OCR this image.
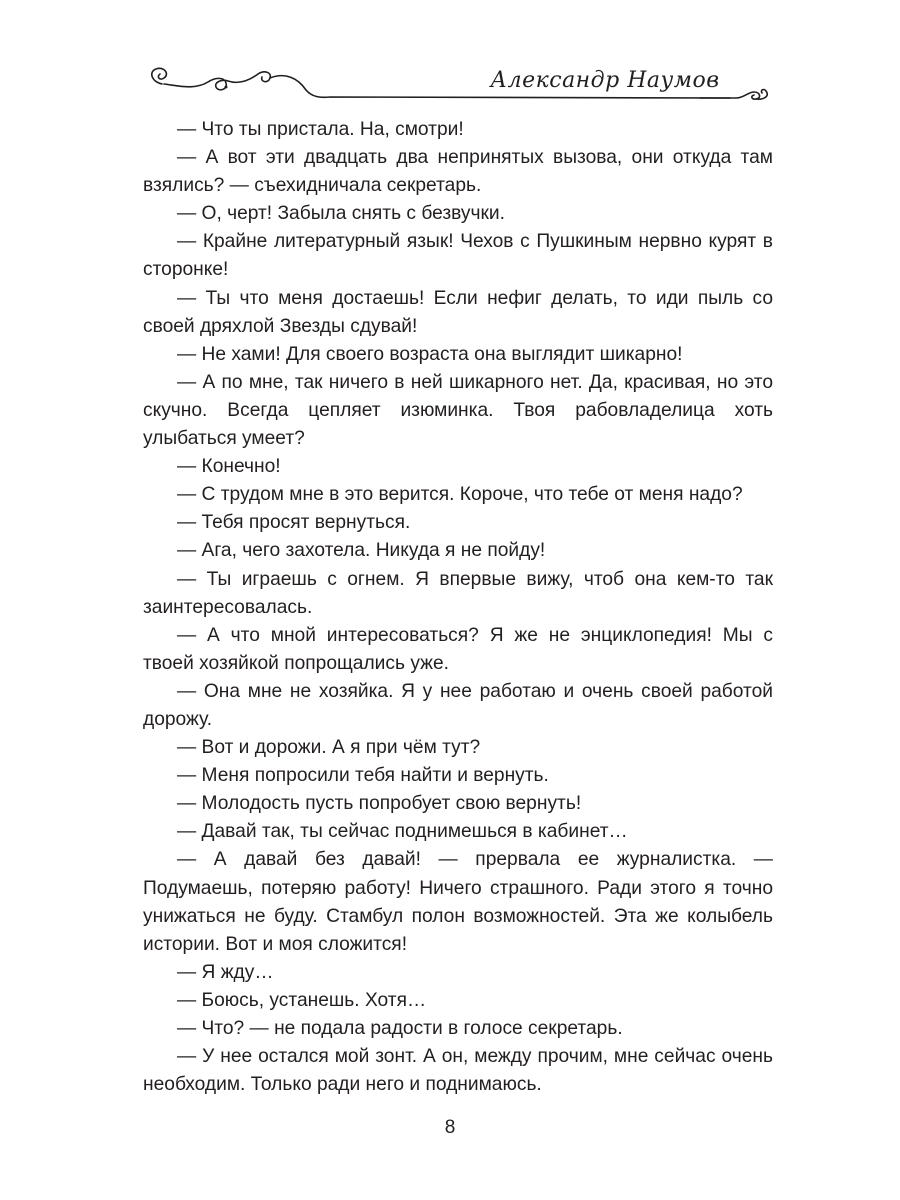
Александр Наумов

— Что ты пристала. На, смотри!

— А вот эти двадцать два непринятых вызова, они откуда там взялись? — съехидничала секретарь.

— О, черт! Забыла снять с безвучки.

— Крайне литературный язык! Чехов с Пушкиным нервно курят в сторонке!

— Ты что меня достаешь! Если нефиг делать, то иди пыль со своей дряхлой Звезды сдувай!

— Не хами! Для своего возраста она выглядит шикарно!

— А по мне, так ничего в ней шикарного нет. Да, красивая, но это скучно. Всегда цепляет изюминка. Твоя рабовладелица хоть улыбаться умеет?

— Конечно!

— С трудом мне в это верится. Короче, что тебе от меня надо?

— Тебя просят вернуться.

— Ага, чего захотела. Никуда я не пойду!

— Ты играешь с огнем. Я впервые вижу, чтоб она кем-то так заинтересовалась.

— А что мной интересоваться? Я же не энциклопедия! Мы с твоей хозяйкой попрощались уже.

— Она мне не хозяйка. Я у нее работаю и очень своей работой дорожу.

— Вот и дорожи. А я при чём тут?

— Меня попросили тебя найти и вернуть.

— Молодость пусть попробует свою вернуть!

— Давай так, ты сейчас поднимешься в кабинет…

— А давай без давай! — прервала ее журналистка. — Подумаешь, потеряю работу! Ничего страшного. Ради этого я точно унижаться не буду. Стамбул полон возможностей. Эта же колыбель истории. Вот и моя сложится!

— Я жду…

— Боюсь, устанешь. Хотя…

— Что? — не подала радости в голосе секретарь.

— У нее остался мой зонт. А он, между прочим, мне сейчас очень необходим. Только ради него и поднимаюсь.

8
